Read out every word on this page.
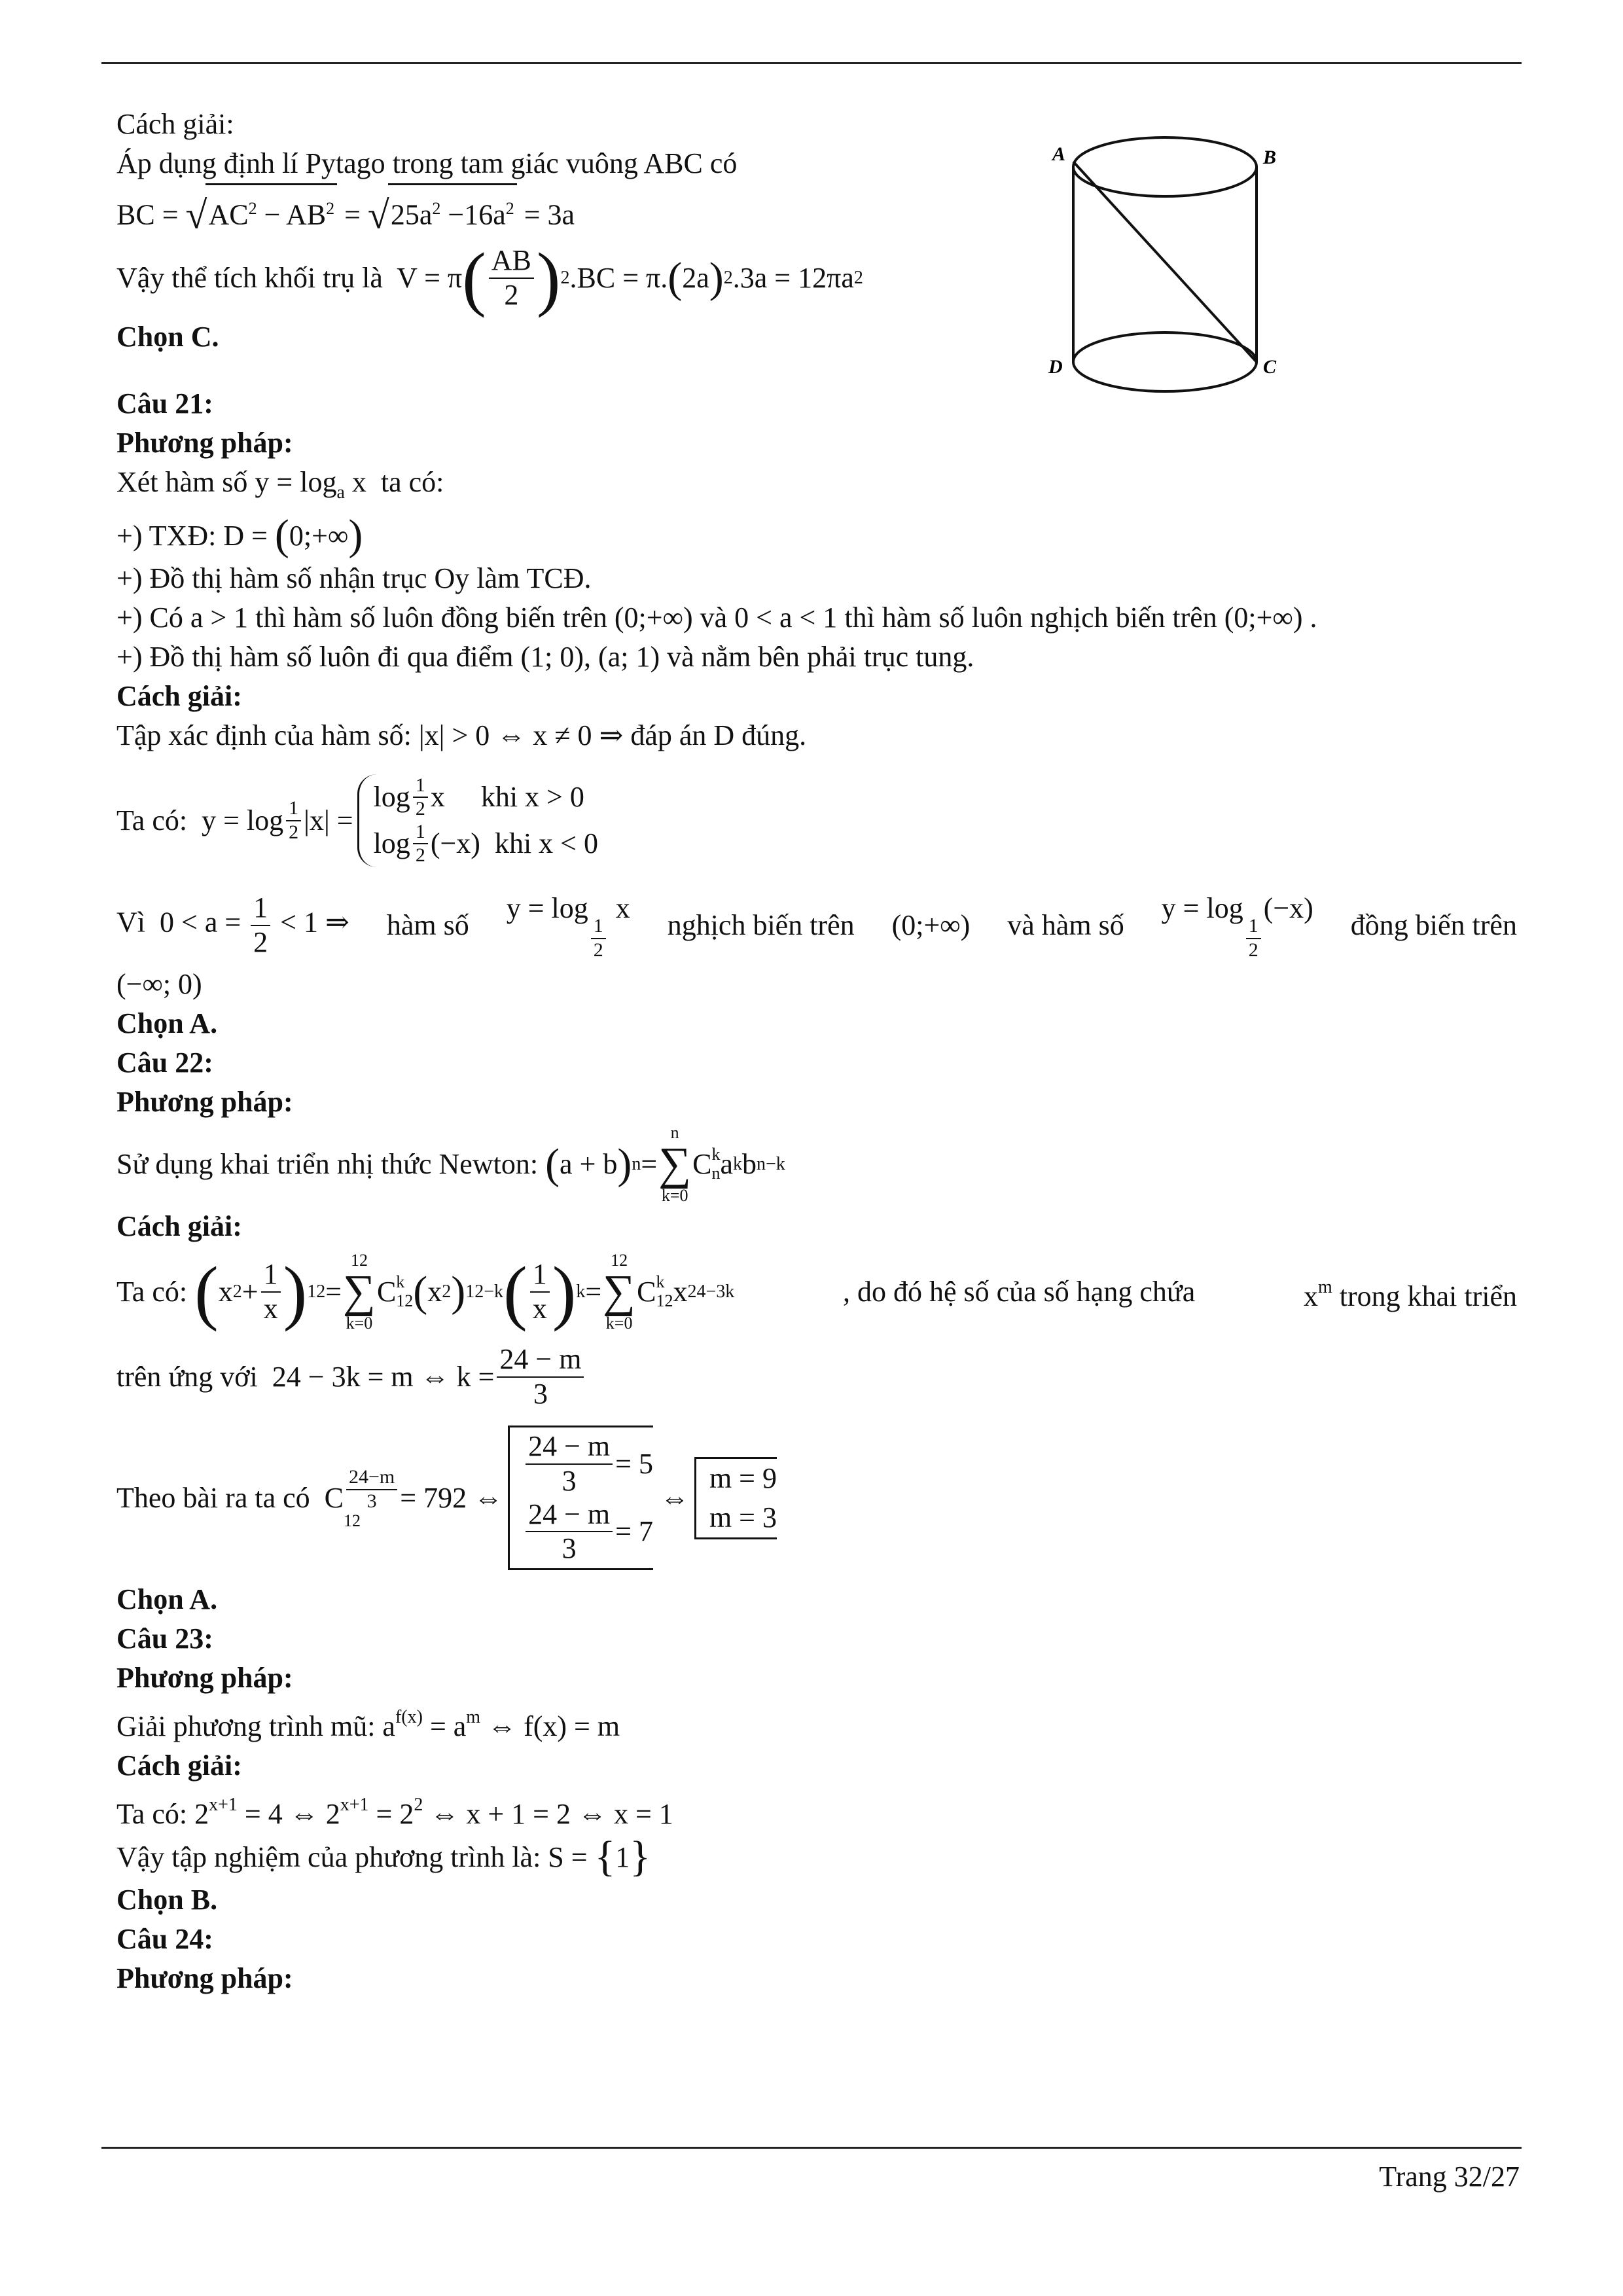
A	B
C
D
Cách giải:
Áp dụng định lí Pytago trong tam giác vuông ABC có
BC = $√AC^2 - AB^2 = √25a^2 -16a^2 = 3a$
Vậy thể tích khối trụ là V = π ( $\frac{AB}{2}$ ) 2 .BC = π. ( 2a ) 2 .3a = 12πa 2
Chọn C.
Câu 21:
Phương pháp:
Xét hàm số $y = \log_a x$  ta có:
+) TXĐ: D = (0;+∞)
+) Đồ thị hàm số nhận trục Oy làm TCĐ.
+) Có a > 1 thì hàm số luôn đồng biến trên (0;+∞) và 0 < a < 1 thì hàm số luôn nghịch biến trên (0;+∞) .
+) Đồ thị hàm số luôn đi qua điểm (1; 0), (a; 1) và nằm bên phải trục tung.
Cách giải:
Tập xác định của hàm số: |x| > 0 ⇔ x ≠ 0 ⇒ đáp án D đúng.
Ta có: $y = \log \frac{1}{2} |x|$ =
$\log \frac{1}{2}$ x khi x > 0
$\log \frac{1}{2} (-x)$ khi x < 0
Vì  $0 < a = \frac{1}{2} < 1$ ⇒ hàm số
y = log
$\frac{1}{2}$
x
nghịch biến trên (0;+∞) và hàm số
y = log
$\frac{1}{2}$
(−x)
đồng biến trên
(−∞; 0)
Chọn A.
Câu 22:
Phương pháp:
Sử dụng khai triển nhị thức Newton:
( a + b ) n =
n
∑
k=0
C k
n a k b n−k
Cách giải:
Ta có:
( x $2 + \frac{1}{x}$ ) 12 =
12
∑
k=0
C k
12 ( x 2 ) 12−k ( $\frac{1}{x}$ ) k =
12
∑
k=0
C k
12 x 24−3k	, do đó hệ số của số hạng chứa	$x^m$ trong khai triển
trên ứng với 24 − 3k = m ⇔ $k = \frac{24 - m}{3}$
Theo bài ra ta có C $\frac{24-m}{3}$
12
= 792 ⇔ $\frac{24 - m}{3} = 5$
$\frac{24 - m}{3} = 7$
⇔
m = 9
m = 3
Chọn A.
Câu 23:
Phương pháp:
Giải phương trình mũ: $a^{f(x)} = a^m$ ⇔ f(x) = m
Cách giải:
Ta có: $2^{x+1} = 4$ ⇔ $2^{x+1} = 2^2$ ⇔ x + 1 = 2 ⇔ x = 1
Vậy tập nghiệm của phương trình là: S = {1}
Chọn B.
Câu 24:
Phương pháp:
Trang 32/27
